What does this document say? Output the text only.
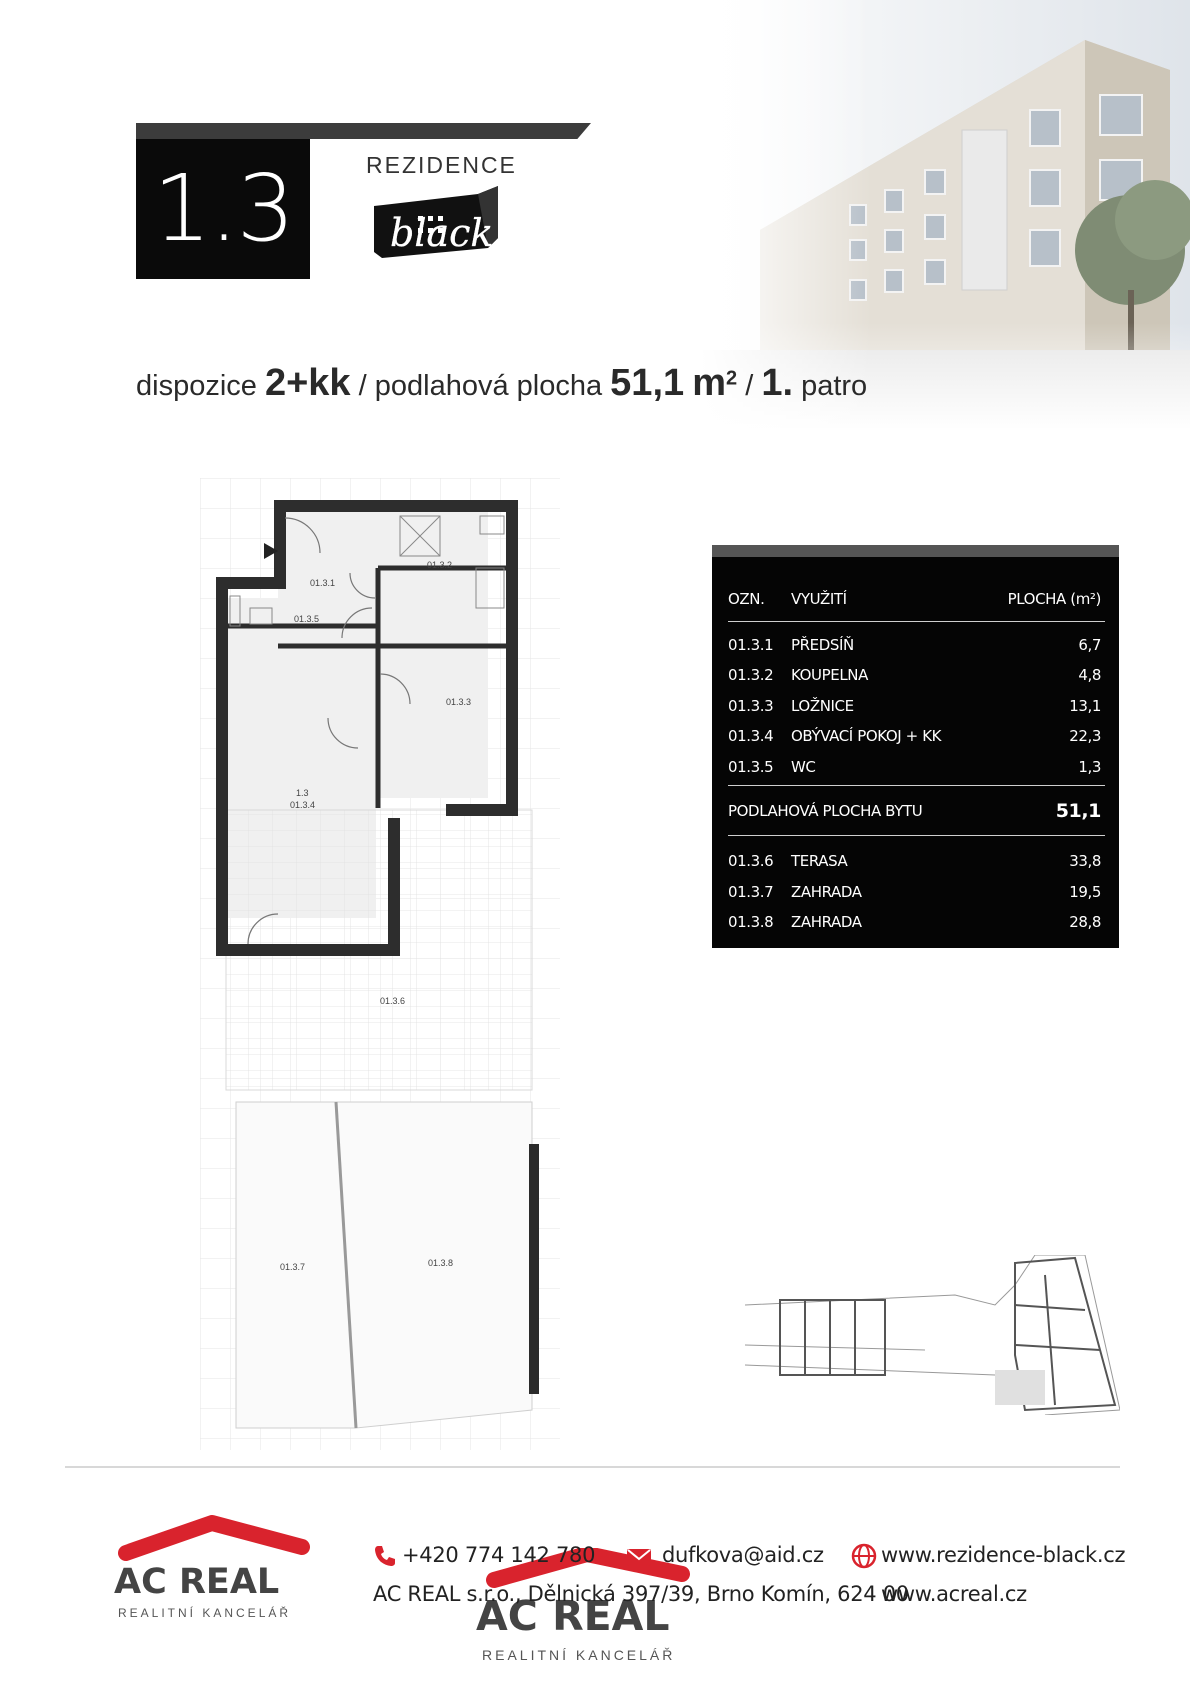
1.3	REZIDENCE
black
dispozice 2+kk / podlahová plocha 51,1 $m^2 / 1$. patro
01.3.1
01.3.2
01.3.3
01.3.4
1.3
01.3.5
01.3.6
01.3.7	01.3.8
OZN. VYUŽITÍ	PLOCHA (m²)
01.3.1 PŘEDSÍŇ	6,7
01.3.2 KOUPELNA	4,8
01.3.3 LOŽNICE	13,1
01.3.4 OBÝVACÍ POKOJ + KK	22,3
01.3.5 WC	1,3
PODLAHOVÁ PLOCHA BYTU	51,1
01.3.6 TERASA	33,8
01.3.7 ZAHRADA	19,5
01.3.8 ZAHRADA	28,8
AC REAL
REALITNÍ KANCELÁŘ	AC REAL
REALITNÍ KANCELÁŘ
+420 774 142 780	dufkova@aid.cz	www.rezidence-black.cz
AC REAL s.r.o., Dělnická 397/39, Brno Komín, 624 00
www.acreal.cz
